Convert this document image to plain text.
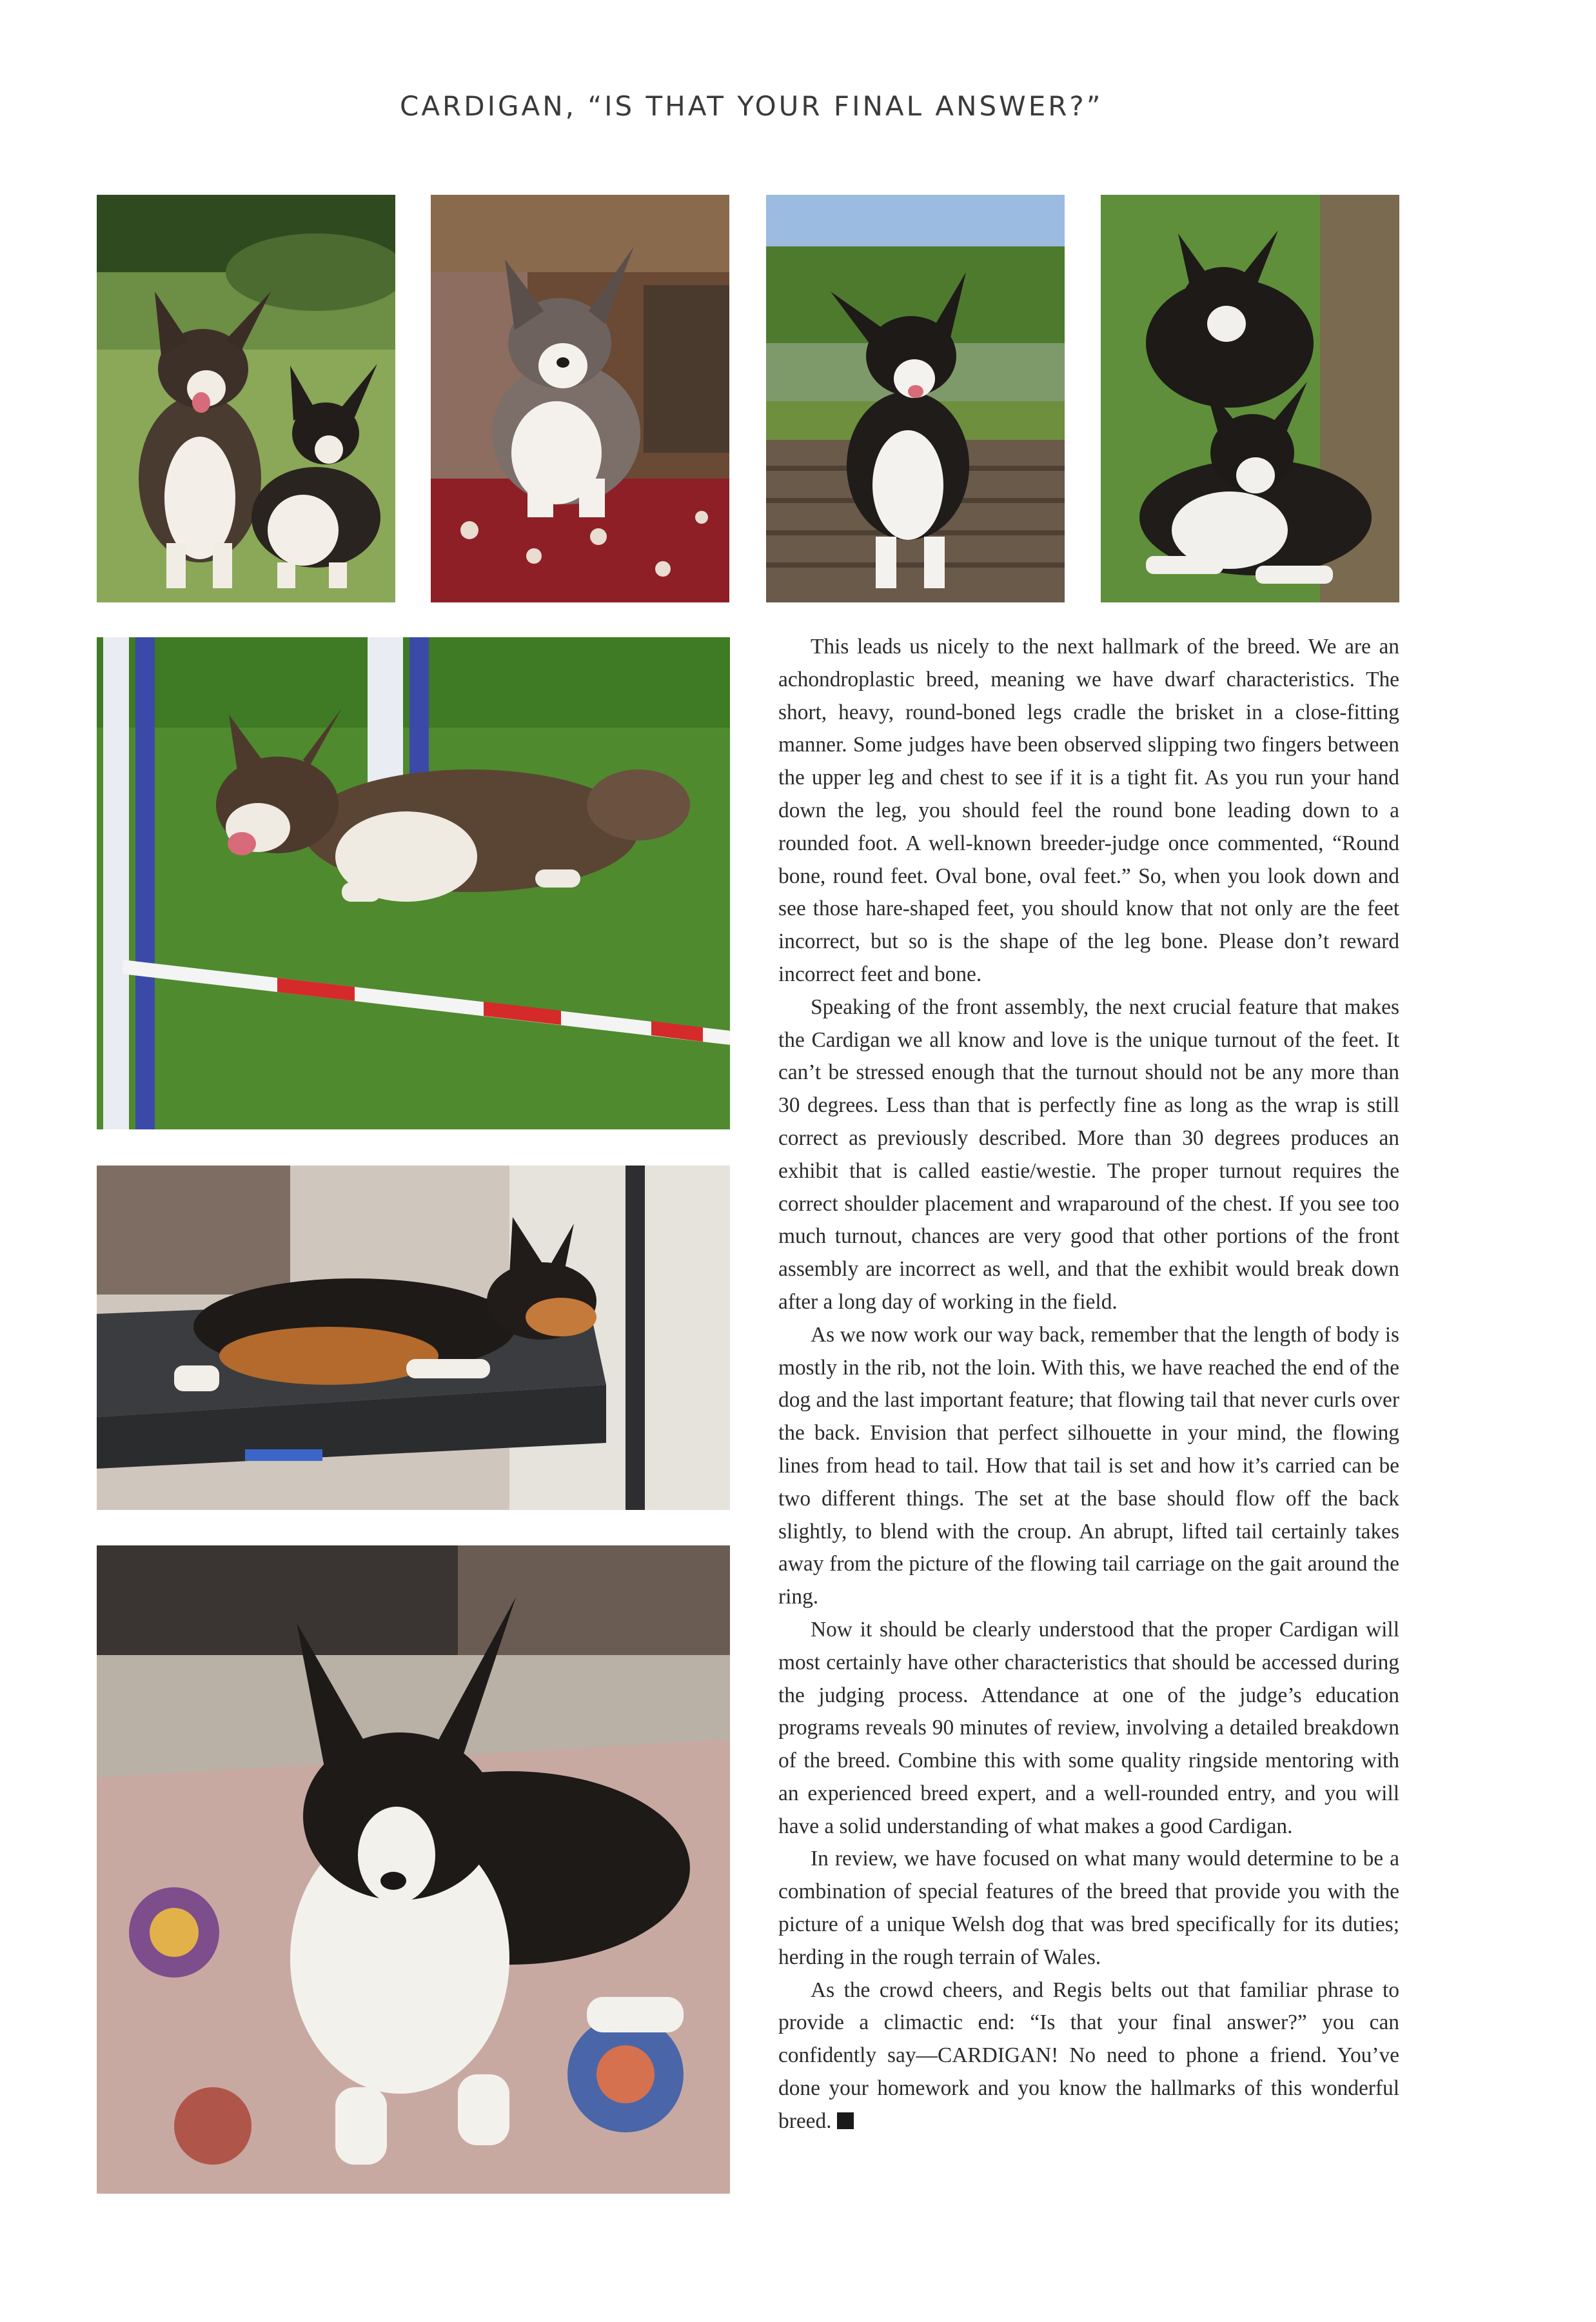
CARDIGAN, “IS THAT YOUR FINAL ANSWER?”

This leads us nicely to the next hallmark of the breed. We are an achondroplastic breed, meaning we have dwarf characteristics. The short, heavy, round-boned legs cradle the brisket in a close-fitting manner. Some judges have been observed slipping two fingers between the upper leg and chest to see if it is a tight fit. As you run your hand down the leg, you should feel the round bone leading down to a rounded foot. A well-known breeder-judge once commented, “Round bone, round feet. Oval bone, oval feet.” So, when you look down and see those hare-shaped feet, you should know that not only are the feet incorrect, but so is the shape of the leg bone. Please don’t reward incorrect feet and bone.

Speaking of the front assembly, the next crucial feature that makes the Cardigan we all know and love is the unique turnout of the feet. It can’t be stressed enough that the turnout should not be any more than 30 degrees. Less than that is perfectly fine as long as the wrap is still correct as previously described. More than 30 degrees produces an exhibit that is called eastie/westie. The proper turnout requires the correct shoulder placement and wraparound of the chest. If you see too much turnout, chances are very good that other portions of the front assembly are incorrect as well, and that the exhibit would break down after a long day of working in the field.

As we now work our way back, remember that the length of body is mostly in the rib, not the loin. With this, we have reached the end of the dog and the last important feature; that flowing tail that never curls over the back. Envision that perfect silhouette in your mind, the flowing lines from head to tail. How that tail is set and how it’s carried can be two different things. The set at the base should flow off the back slightly, to blend with the croup. An abrupt, lifted tail certainly takes away from the picture of the flowing tail carriage on the gait around the ring.

Now it should be clearly understood that the proper Cardigan will most certainly have other characteristics that should be accessed during the judging process. Attendance at one of the judge’s education programs reveals 90 minutes of review, involving a detailed breakdown of the breed. Combine this with some quality ringside mentoring with an experienced breed expert, and a well-rounded entry, and you will have a solid understanding of what makes a good Cardigan.

In review, we have focused on what many would determine to be a combination of special features of the breed that provide you with the picture of a unique Welsh dog that was bred specifically for its duties; herding in the rough terrain of Wales.

As the crowd cheers, and Regis belts out that familiar phrase to provide a climactic end: “Is that your final answer?” you can confidently say—CARDIGAN! No need to phone a friend. You’ve done your homework and you know the hallmarks of this wonderful breed.
